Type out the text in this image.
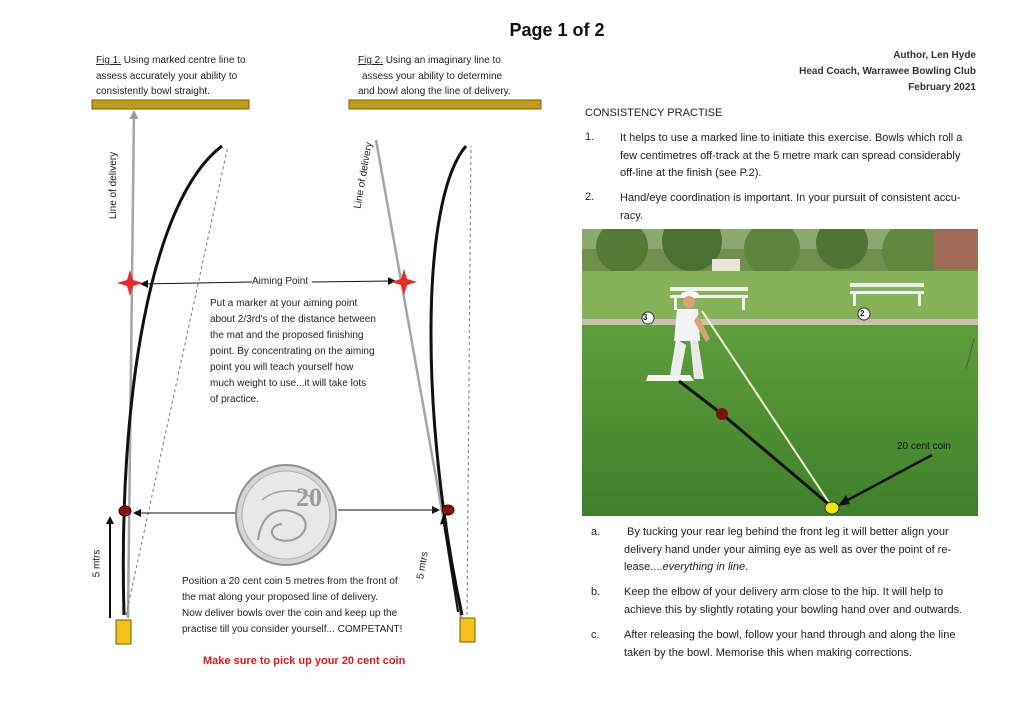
Page 1 of 2
Author, Len Hyde
Head Coach, Warrawee Bowling Club
February 2021
Fig 1. Using marked centre line to
assess accurately your ability to
consistently bowl straight.
Fig 2. Using an imaginary line to
assess your ability to determine
and bowl along the line of delivery.
20
Line of delivery	Line of delivery
5 mtrs	5 mtrs
Aiming Point
Put a marker at your aiming point
about 2/3rd's of the distance between
the mat and the proposed finishing
point. By concentrating on the aiming
point you will teach yourself how
much weight to use...it will take lots
of practice.
Position a 20 cent coin 5 metres from the front of
the mat along your proposed line of delivery.
Now deliver bowls over the coin and keep up the
practise till you consider yourself... COMPETANT!
Make sure to pick up your 20 cent coin
CONSISTENCY PRACTISE
1. It helps to use a marked line to initiate this exercise. Bowls which roll a
few centimetres off-track at the 5 metre mark can spread considerably
off-line at the finish (see P.2).
2. Hand/eye coordination is important. In your pursuit of consistent accu-
racy.
3	2
20 cent coin
a. By tucking your rear leg behind the front leg it will better align your
delivery hand under your aiming eye as well as over the point of re-
lease....everything in line.
b. Keep the elbow of your delivery arm close to the hip. It will help to
achieve this by slightly rotating your bowling hand over and outwards.
c. After releasing the bowl, follow your hand through and along the line
taken by the bowl. Memorise this when making corrections.
